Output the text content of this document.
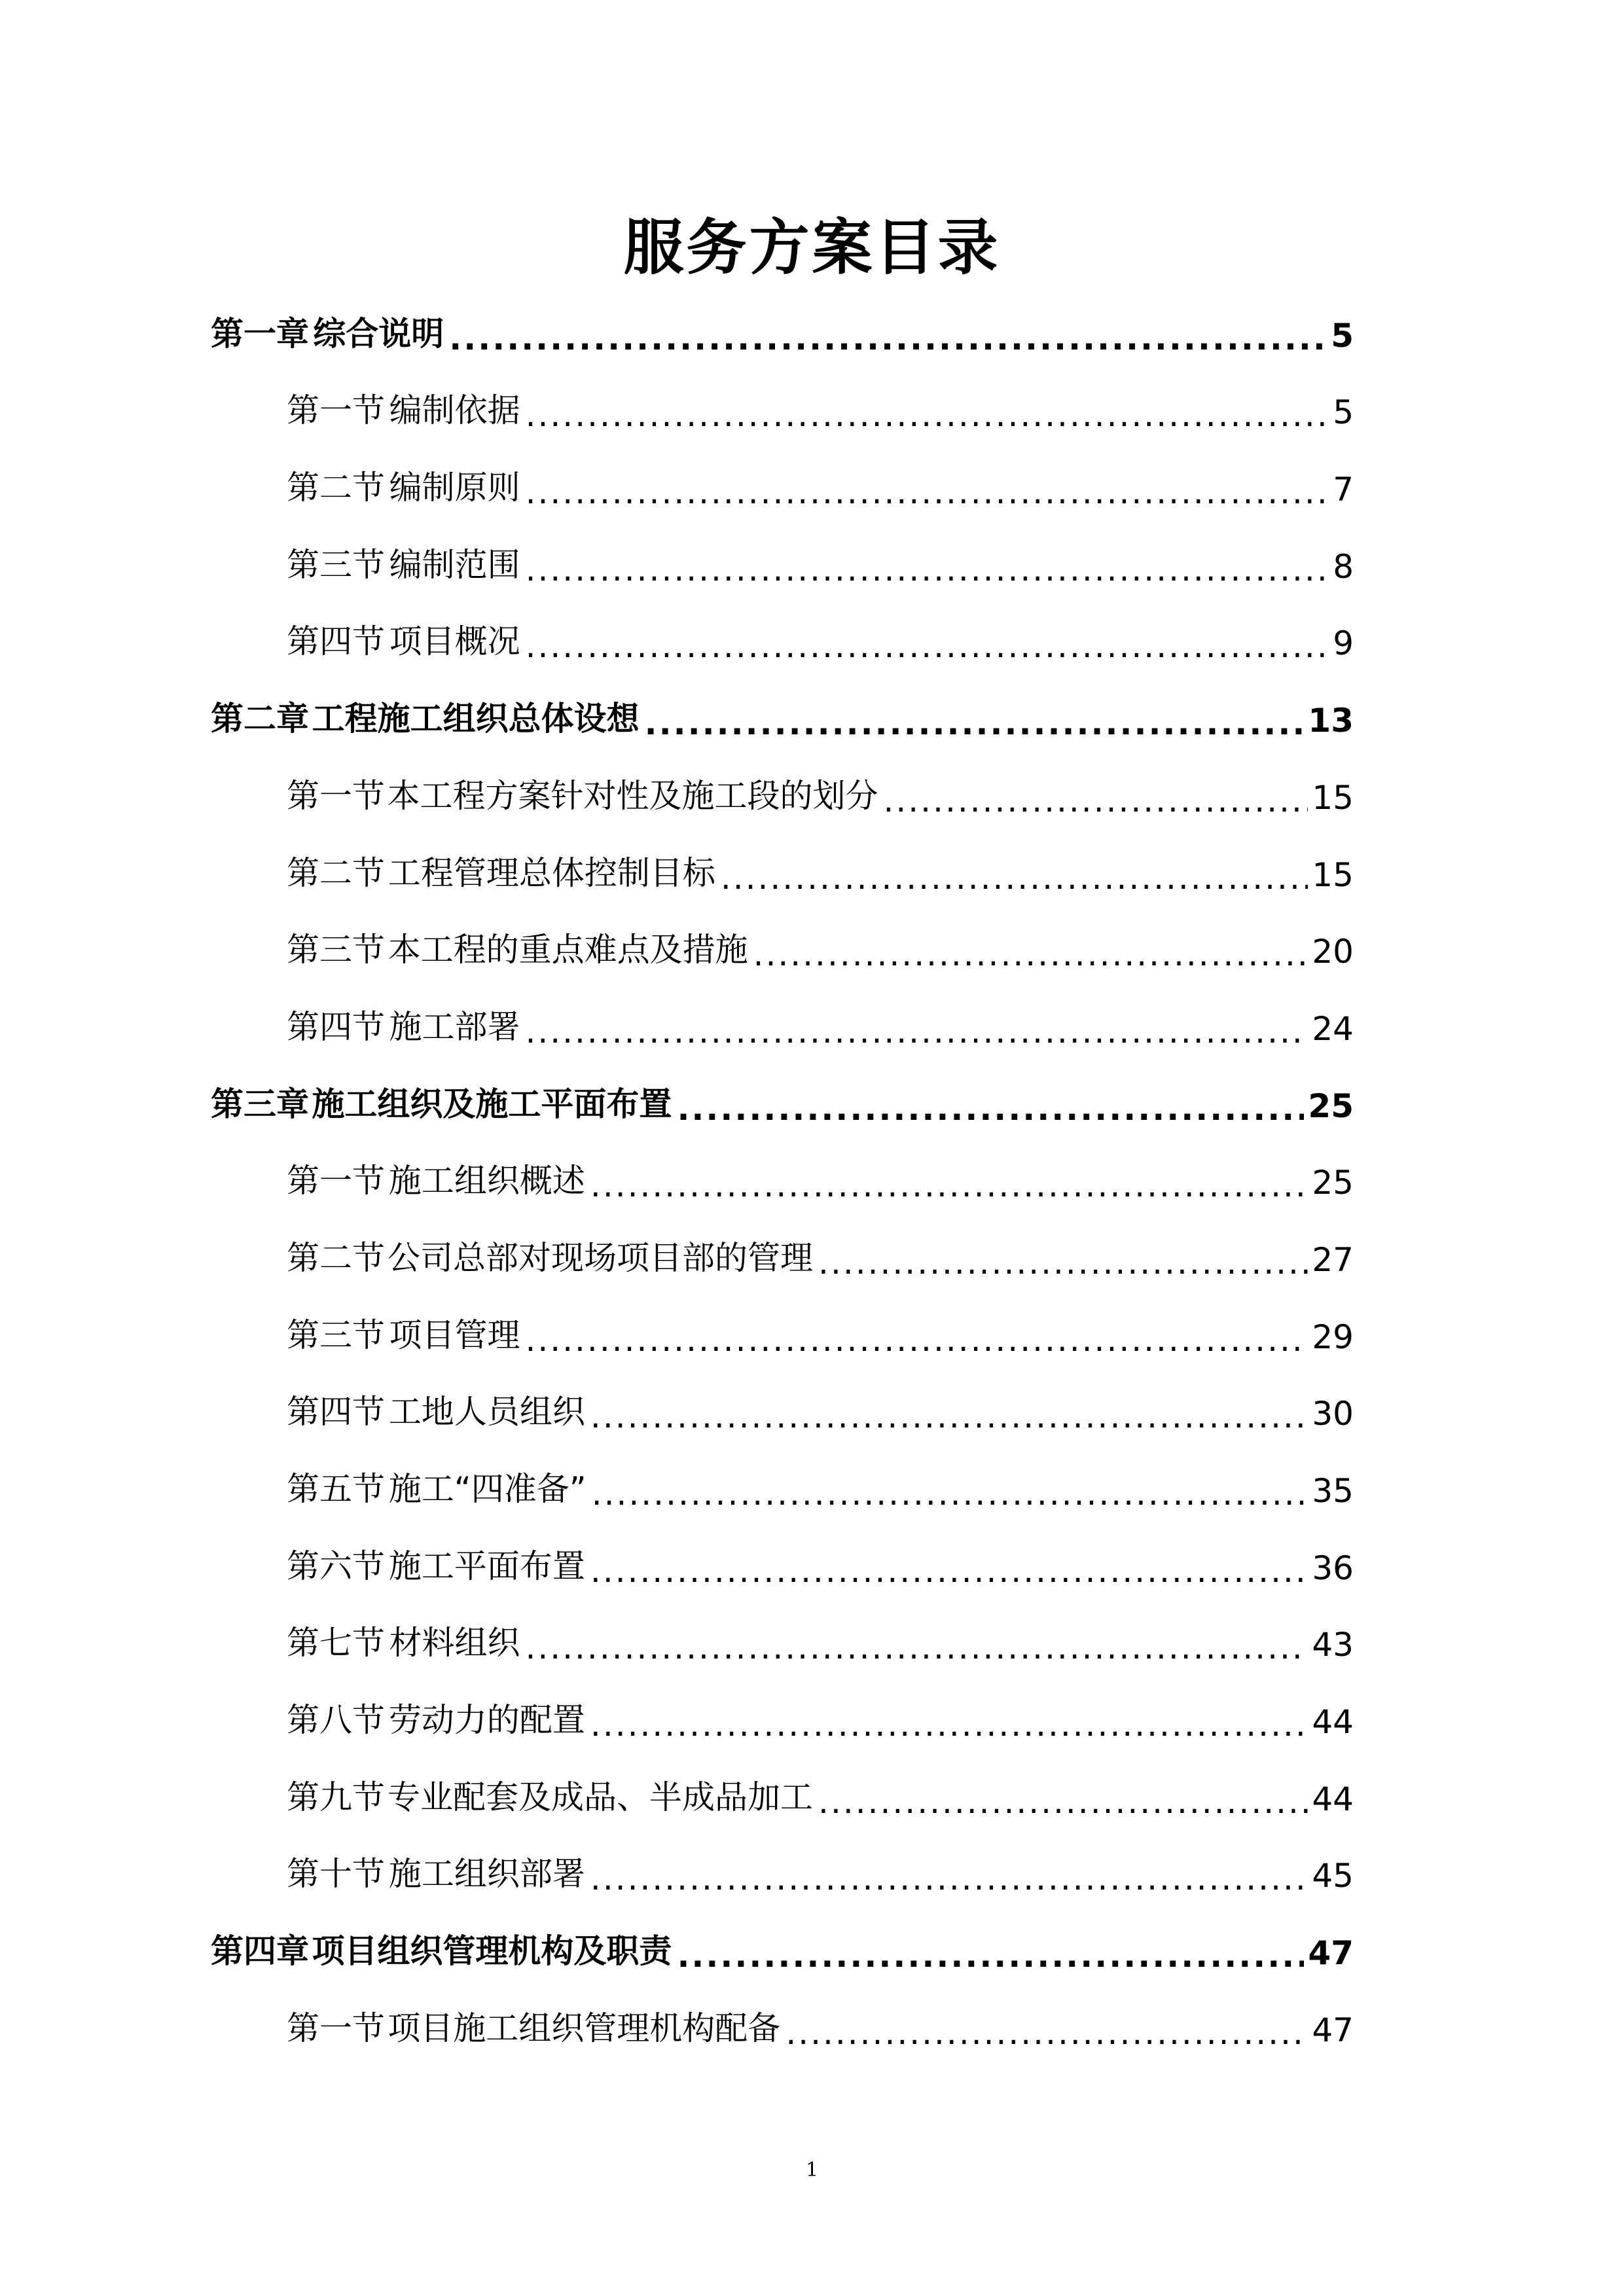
服务方案目录
第一章 综合说明 .....	5
第一节 编制依据 .....	5
第二节 编制原则 .....	7
第三节 编制范围 .....	8
第四节 项目概况 .....	9
第二章 工程施工组织总体设想 .....	13
第一节 本工程方案针对性及施工段的划分 .....	15
第二节 工程管理总体控制目标 .....	15
第三节 本工程的重点难点及措施 .....	20
第四节 施工部署 .....	24
第三章 施工组织及施工平面布置 .....	25
第一节 施工组织概述 .....	25
第二节 公司总部对现场项目部的管理 .....	27
第三节 项目管理 .....	29
第四节 工地人员组织 .....	30
第五节 施工“四准备” .....	35
第六节 施工平面布置 .....	36
第七节 材料组织 .....	43
第八节 劳动力的配置 .....	44
第九节 专业配套及成品、半成品加工 .....	44
第十节 施工组织部署 .....	45
第四章 项目组织管理机构及职责 .....	47
第一节 项目施工组织管理机构配备 .....	47
1
